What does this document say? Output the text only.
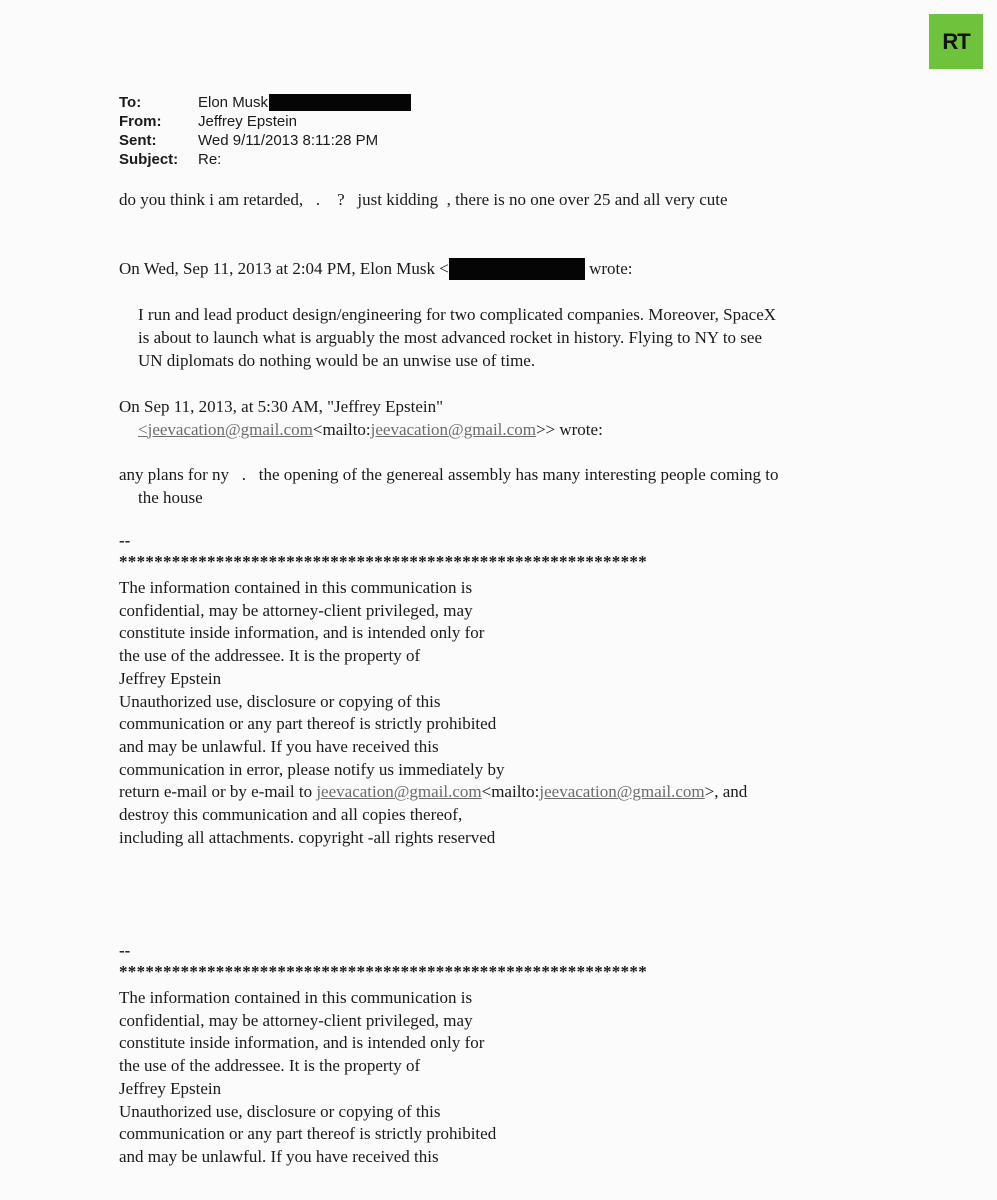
RT
To:	Elon Musk
From:	Jeffrey Epstein
Sent:	Wed 9/11/2013 8:11:28 PM
Subject:	Re:
do you think i am retarded,   .    ?   just kidding  , there is no one over 25 and all very cute
On Wed, Sep 11, 2013 at 2:04 PM, Elon Musk <	wrote:
I run and lead product design/engineering for two complicated companies. Moreover, SpaceX
is about to launch what is arguably the most advanced rocket in history. Flying to NY to see
UN diplomats do nothing would be an unwise use of time.
On Sep 11, 2013, at 5:30 AM, "Jeffrey Epstein"
<jeevacation@gmail.com<mailto:jeevacation@gmail.com>> wrote:
any plans for ny   .   the opening of the genereal assembly has many interesting people coming to
the house
--
************************************************************
The information contained in this communication is
confidential, may be attorney-client privileged, may
constitute inside information, and is intended only for
the use of the addressee. It is the property of
Jeffrey Epstein
Unauthorized use, disclosure or copying of this
communication or any part thereof is strictly prohibited
and may be unlawful. If you have received this
communication in error, please notify us immediately by
return e-mail or by e-mail to jeevacation@gmail.com<mailto:jeevacation@gmail.com>, and
destroy this communication and all copies thereof,
including all attachments. copyright -all rights reserved
--
************************************************************
The information contained in this communication is
confidential, may be attorney-client privileged, may
constitute inside information, and is intended only for
the use of the addressee. It is the property of
Jeffrey Epstein
Unauthorized use, disclosure or copying of this
communication or any part thereof is strictly prohibited
and may be unlawful. If you have received this
